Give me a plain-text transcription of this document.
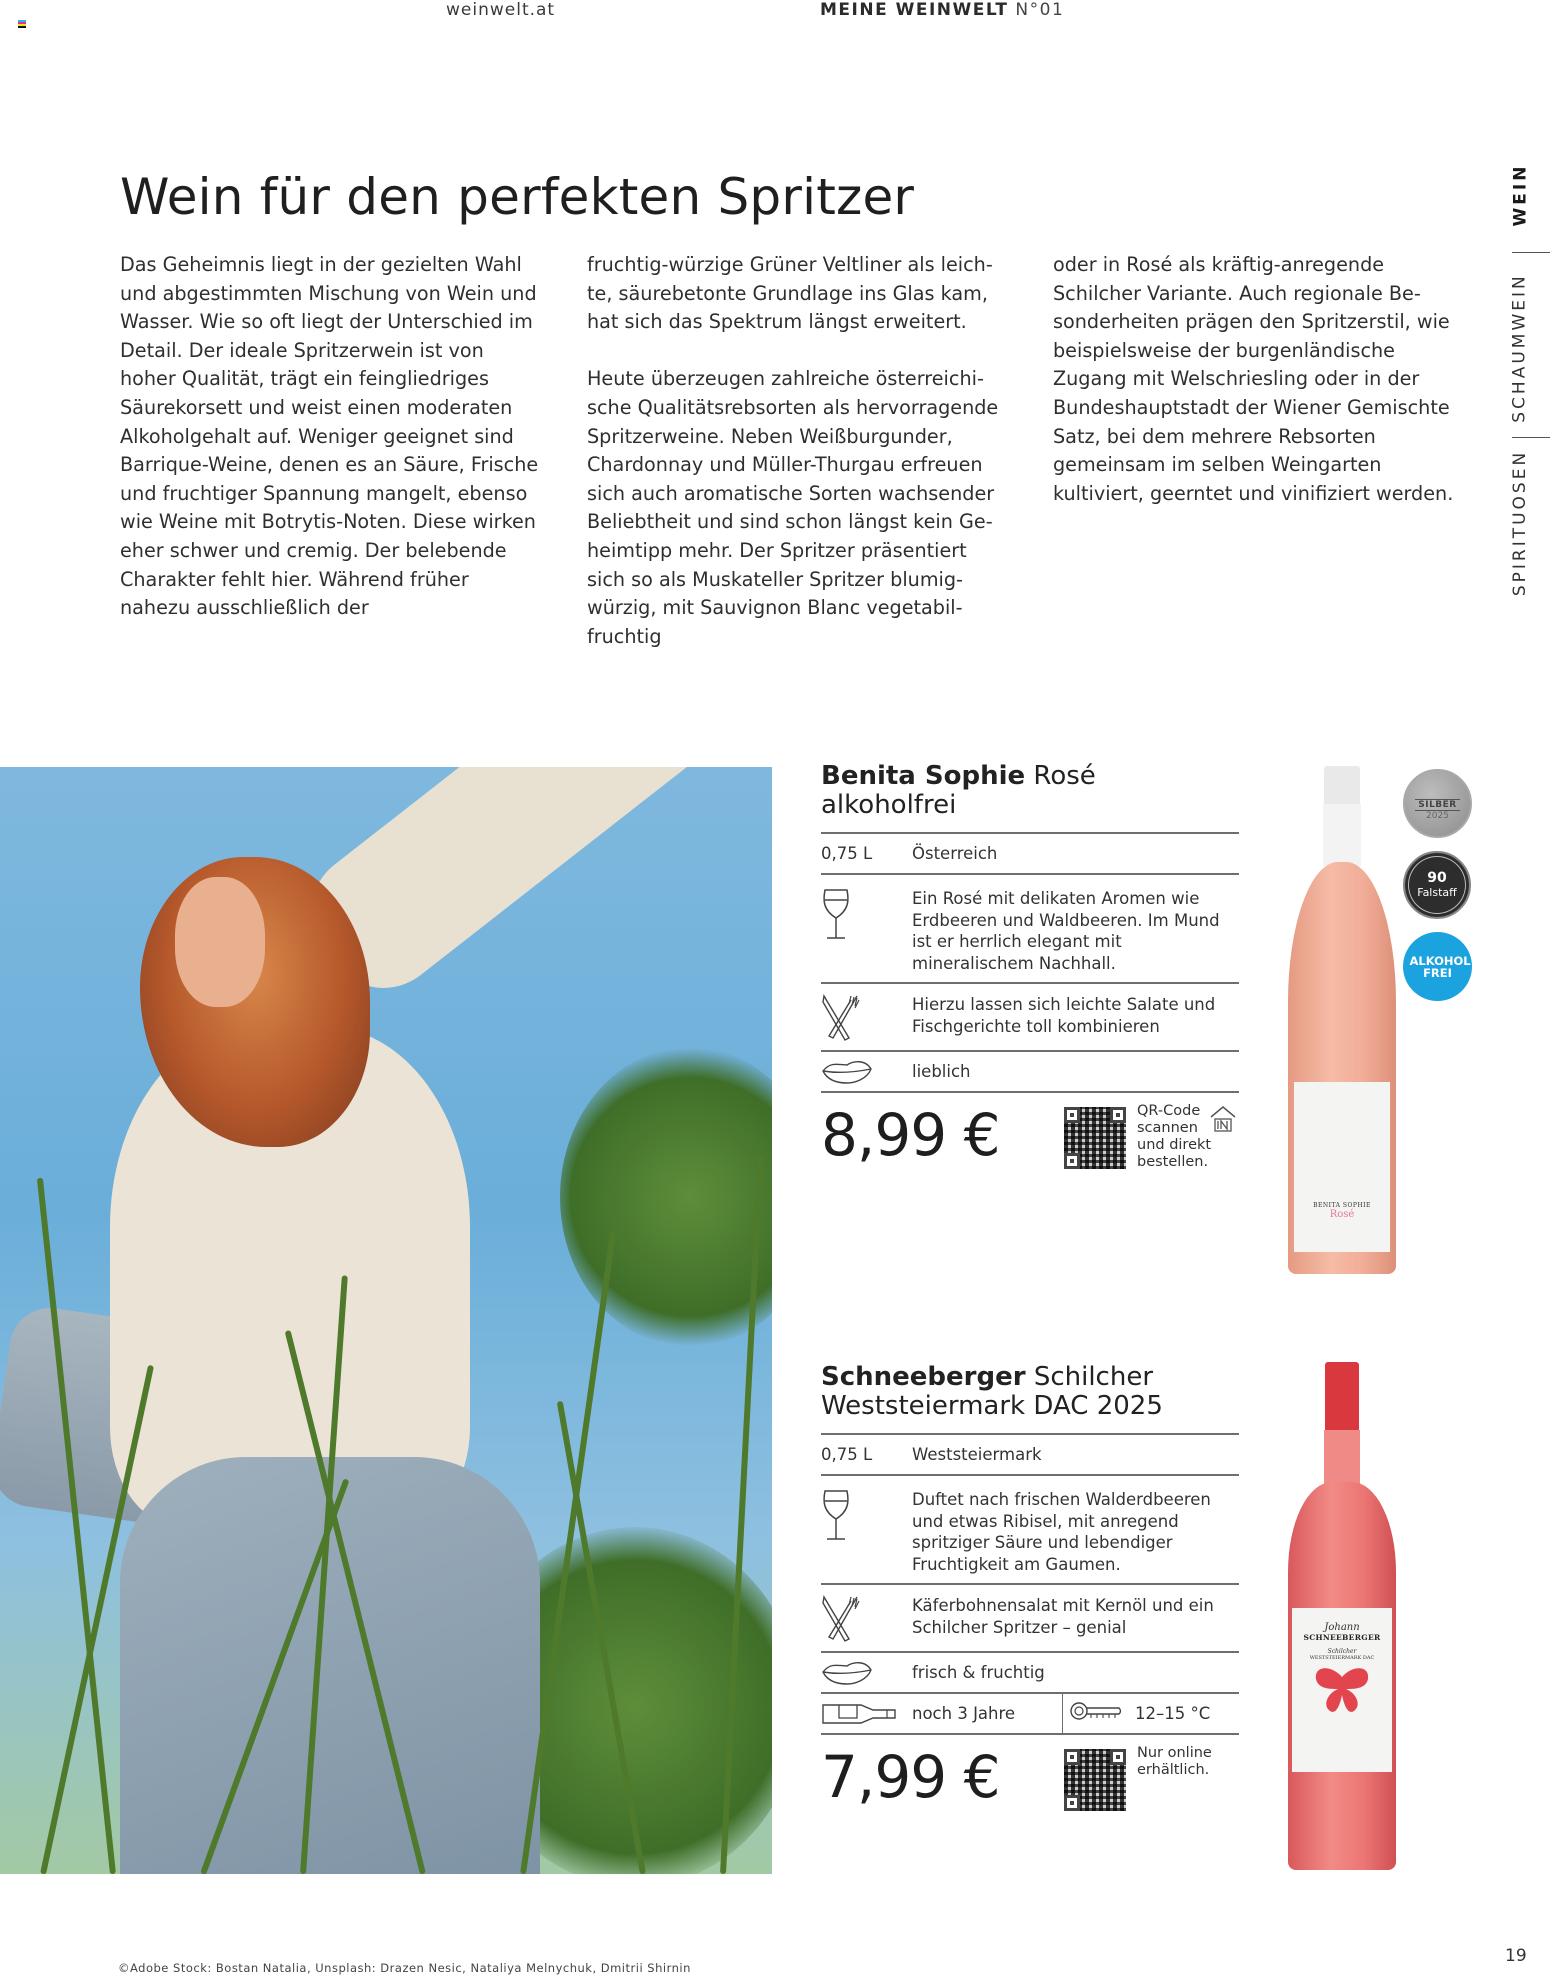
weinwelt.at	MEINE WEINWELT N°01
WEIN
SCHAUMWEIN
SPIRITUOSEN
Wein für den perfekten Spritzer

Das Geheimnis liegt in der gezielten Wahl und abgestimmten Mischung von Wein und Wasser. Wie so oft liegt der Unterschied im Detail. Der ideale Spritzerwein ist von hoher Qualität, trägt ein feingliedriges Säurekorsett und weist einen moderaten Alkoholgehalt auf. Weniger geeignet sind Barrique-Weine, denen es an Säure, Frische und fruchtiger Spannung mangelt, ebenso wie Weine mit Botrytis-Noten. Diese wirken eher schwer und cremig. Der belebende Charakter fehlt hier. Während früher nahezu ausschließlich der

fruchtig-würzige Grüner Veltliner als leichte, säurebetonte Grundlage ins Glas kam, hat sich das Spektrum längst erweitert.

Heute überzeugen zahlreiche österreichische Qualitätsrebsorten als hervorragende Spritzerweine. Neben Weißburgunder, Chardonnay und Müller-Thurgau erfreuen sich auch aromatische Sorten wachsender Beliebtheit und sind schon längst kein Geheimtipp mehr. Der Spritzer präsentiert sich so als Muskateller Spritzer blumig-würzig, mit Sauvignon Blanc vegetabil-fruchtig

oder in Rosé als kräftig-anregende Schilcher Variante. Auch regionale Besonderheiten prägen den Spritzerstil, wie beispielsweise der burgenländische Zugang mit Welschriesling oder in der Bundeshauptstadt der Wiener Gemischte Satz, bei dem mehrere Rebsorten gemeinsam im selben Weingarten kultiviert, geerntet und vinifiziert werden.

Benita Sophie Rosé alkoholfrei
0,75 L	Österreich
Ein Rosé mit delikaten Aromen wie Erdbeeren und Waldbeeren. Im Mund ist er herrlich elegant mit mineralischem Nachhall.
Hierzu lassen sich leichte Salate und Fischgerichte toll kombinieren
lieblich
8,99 €	QR-Code scannen und direkt bestellen.
SILBER
2025
90
Falstaff
ALKOHOL FREI
BENITA SOPHIE
Rosé
Schneeberger Schilcher Weststeiermark DAC 2025
0,75 L	Weststeiermark
Duftet nach frischen Walderdbeeren und etwas Ribisel, mit anregend spritziger Säure und lebendiger Fruchtigkeit am Gaumen.
Käferbohnensalat mit Kernöl und ein Schilcher Spritzer – genial
frisch & fruchtig
noch 3 Jahre	12–15 °C
7,99 €	Nur online erhältlich.
Johann
SCHNEEBERGER
Schilcher
WESTSTEIERMARK DAC
©Adobe Stock: Bostan Natalia, Unsplash: Drazen Nesic, Nataliya Melnychuk, Dmitrii Shirnin
19
